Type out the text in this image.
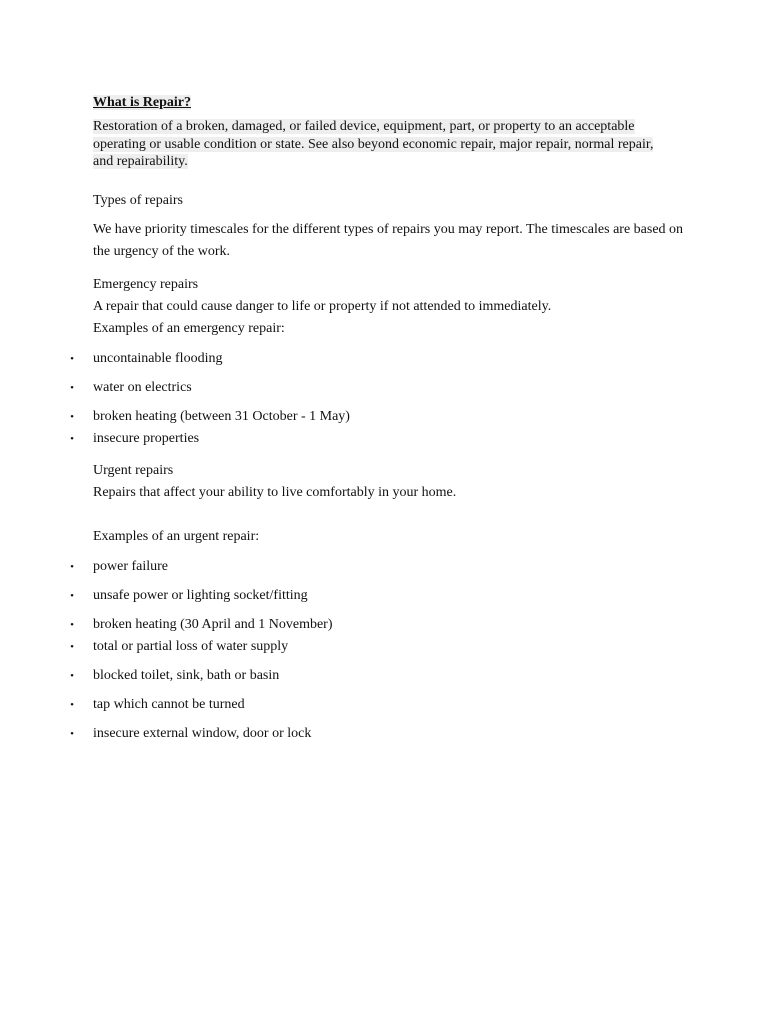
What is Repair?

Restoration of a broken, damaged, or failed device, equipment, part, or property to an acceptable operating or usable condition or state. See also beyond economic repair, major repair, normal repair, and repairability.

Types of repairs

We have priority timescales for the different types of repairs you may report. The timescales are based on the urgency of the work.

Emergency repairs

A repair that could cause danger to life or property if not attended to immediately.

Examples of an emergency repair:

• uncontainable flooding
• water on electrics
• broken heating (between 31 October - 1 May)
• insecure properties

Urgent repairs

Repairs that affect your ability to live comfortably in your home.

Examples of an urgent repair:

• power failure
• unsafe power or lighting socket/fitting
• broken heating (30 April and 1 November)
• total or partial loss of water supply
• blocked toilet, sink, bath or basin
• tap which cannot be turned
• insecure external window, door or lock
